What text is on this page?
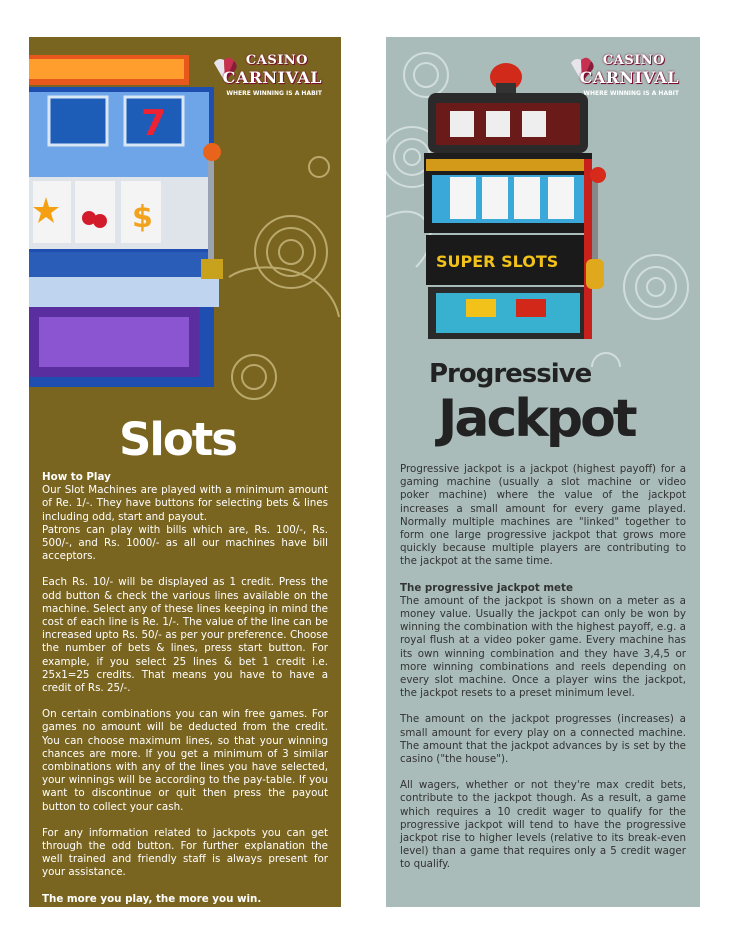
7
$
CASINO
CARNIVAL
WHERE WINNING IS A HABIT
Slots

How to Play
Our Slot Machines are played with a minimum amount of Re. 1/-. They have buttons for selecting bets & lines including odd, start and payout.
Patrons can play with bills which are, Rs. 100/-, Rs. 500/-, and Rs. 1000/- as all our machines have bill acceptors.

Each Rs. 10/- will be displayed as 1 credit. Press the odd button & check the various lines available on the machine. Select any of these lines keeping in mind the cost of each line is Re. 1/-. The value of the line can be increased upto Rs. 50/- as per your preference. Choose the number of bets & lines, press start button. For example, if you select 25 lines & bet 1 credit i.e. 25x1=25 credits. That means you have to have a credit of Rs. 25/-.

On certain combinations you can win free games. For games no amount will be deducted from the credit. You can choose maximum lines, so that your winning chances are more. If you get a minimum of 3 similar combinations with any of the lines you have selected, your winnings will be according to the pay-table. If you want to discontinue or quit then press the payout button to collect your cash.

For any information related to jackpots you can get through the odd button. For further explanation the well trained and friendly staff is always present for your assistance.

The more you play, the more you win.

SUPER SLOTS
CASINO
CARNIVAL
WHERE WINNING IS A HABIT
Progressive
Jackpot

Progressive jackpot is a jackpot (highest payoff) for a gaming machine (usually a slot machine or video poker machine) where the value of the jackpot increases a small amount for every game played. Normally multiple machines are "linked" together to form one large progressive jackpot that grows more quickly because multiple players are contributing to the jackpot at the same time.

The progressive jackpot mete
The amount of the jackpot is shown on a meter as a money value. Usually the jackpot can only be won by winning the combination with the highest payoff, e.g. a royal flush at a video poker game. Every machine has its own winning combination and they have 3,4,5 or more winning combinations and reels depending on every slot machine. Once a player wins the jackpot, the jackpot resets to a preset minimum level.

The amount on the jackpot progresses (increases) a small amount for every play on a connected machine. The amount that the jackpot advances by is set by the casino ("the house").

All wagers, whether or not they're max credit bets, contribute to the jackpot though. As a result, a game which requires a 10 credit wager to qualify for the progressive jackpot will tend to have the progressive jackpot rise to higher levels (relative to its break-even level) than a game that requires only a 5 credit wager to qualify.
